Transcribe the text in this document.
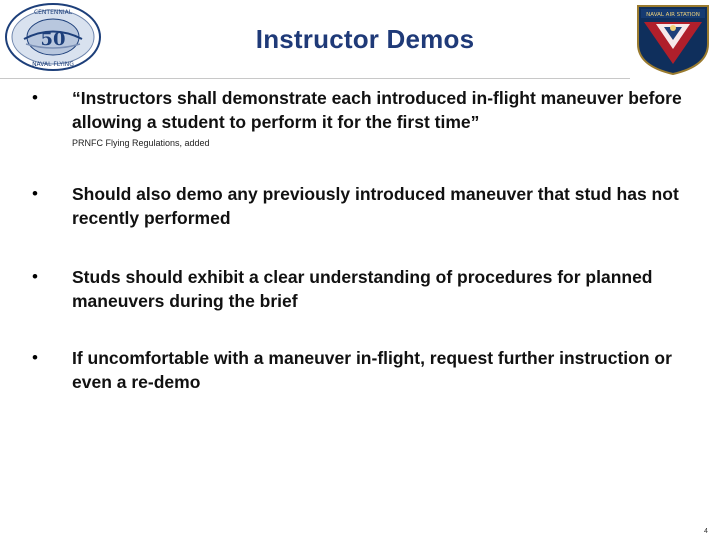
50
CENTENNIAL
NAVAL FLYING
Instructor Demos
NAVAL AIR STATION
•	“Instructors shall demonstrate each introduced in-flight maneuver before allowing a student to perform it for the first time”
PRNFC Flying Regulations, added
•	Should also demo any previously introduced maneuver that stud has not recently performed
•	Studs should exhibit a clear understanding of procedures for planned maneuvers during the brief
•	If uncomfortable with a maneuver in-flight, request further instruction or even a re-demo
4
